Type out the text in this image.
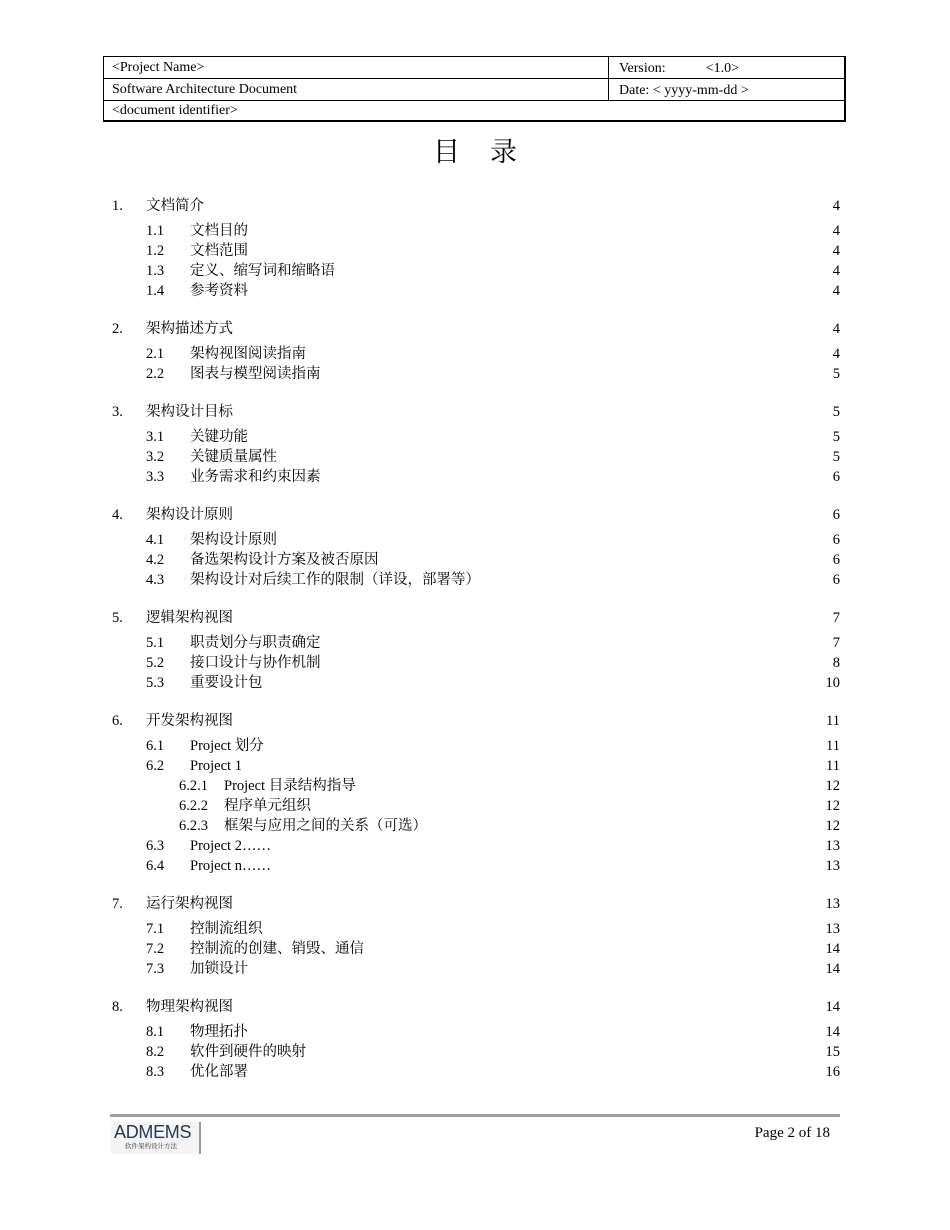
<Project Name>	Version:	<1.0>
Software Architecture Document	Date: < yyyy-mm-dd >
<document identifier>
目录
1. 文档简介	4
1.1 文档目的	4
1.2 文档范围	4
1.3 定义、缩写词和缩略语	4
1.4 参考资料	4
2. 架构描述方式	4
2.1 架构视图阅读指南	4
2.2 图表与模型阅读指南	5
3. 架构设计目标	5
3.1 关键功能	5
3.2 关键质量属性	5
3.3 业务需求和约束因素	6
4. 架构设计原则	6
4.1 架构设计原则	6
4.2 备选架构设计方案及被否原因	6
4.3 架构设计对后续工作的限制（详设，部署等）	6
5. 逻辑架构视图	7
5.1 职责划分与职责确定	7
5.2 接口设计与协作机制	8
5.3 重要设计包	10
6. 开发架构视图	11
6.1 Project 划分	11
6.2 Project 1	11
6.2.1 Project 目录结构指导	12
6.2.2 程序单元组织	12
6.2.3 框架与应用之间的关系（可选）	12
6.3 Project 2……	13
6.4 Project n……	13
7. 运行架构视图	13
7.1 控制流组织	13
7.2 控制流的创建、销毁、通信	14
7.3 加锁设计	14
8. 物理架构视图	14
8.1 物理拓扑	14
8.2 软件到硬件的映射	15
8.3 优化部署	16
ADMEMS
软件架构设计方法
Page 2 of 18
